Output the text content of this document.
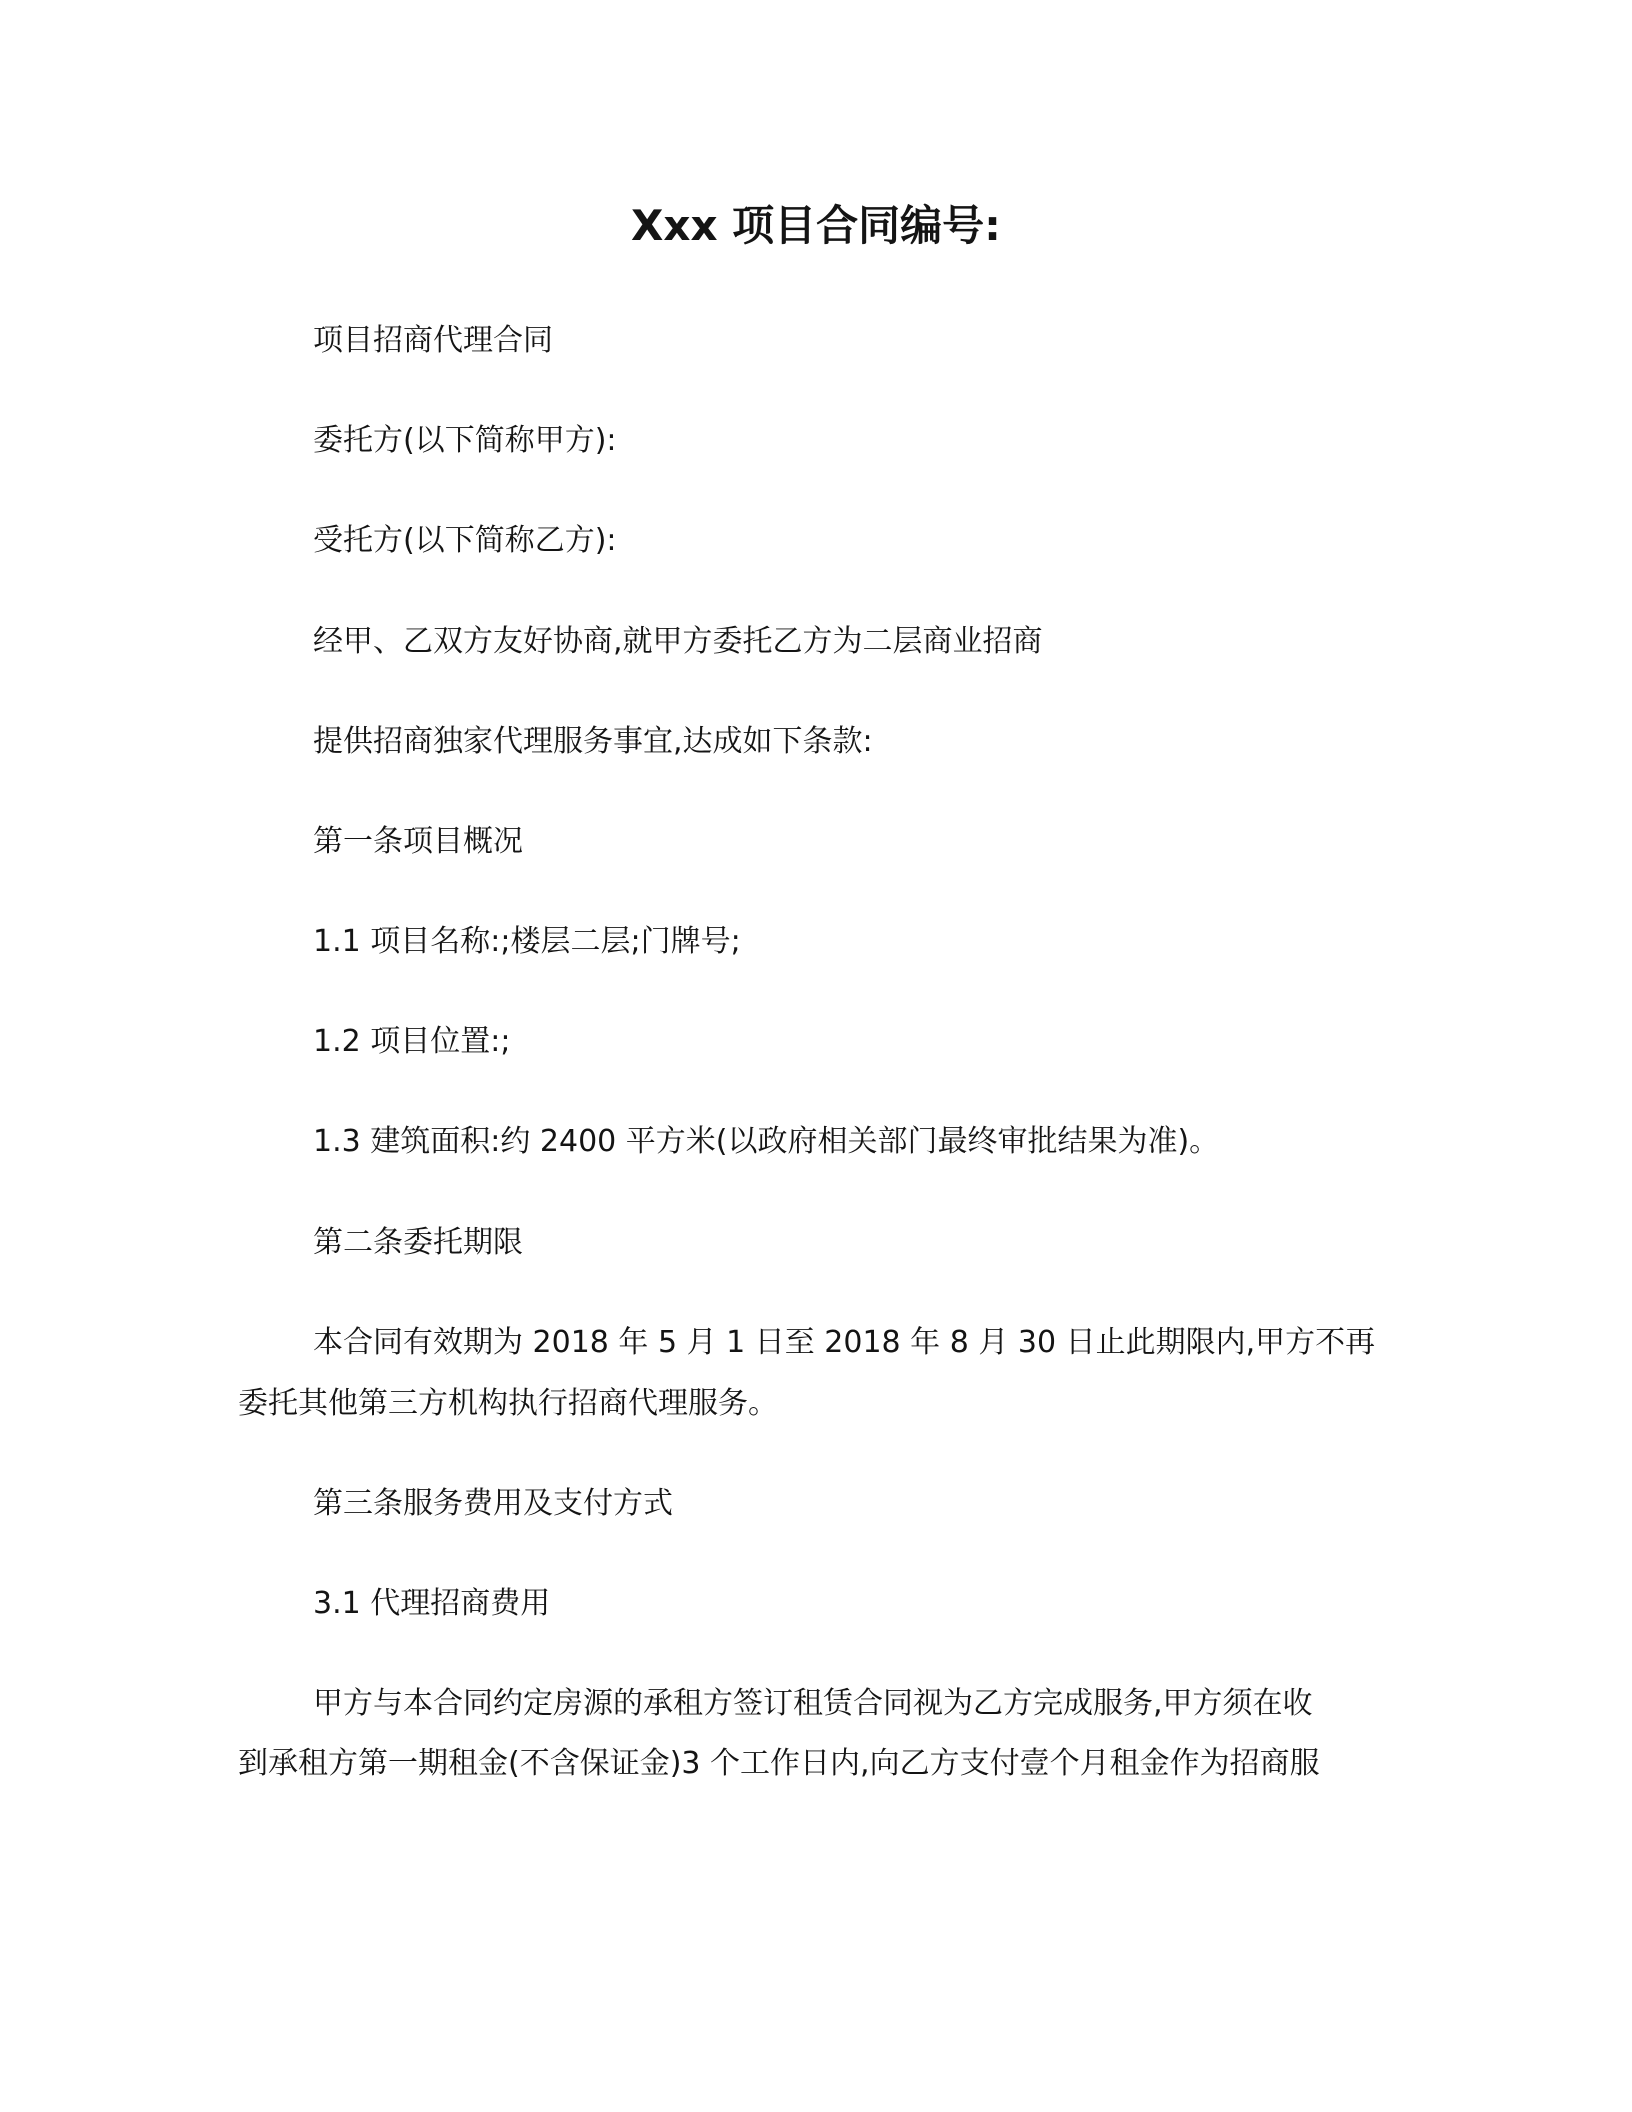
Xxx 项目合同编号:
项目招商代理合同
委托方(以下简称甲方):
受托方(以下简称乙方):
经甲、乙双方友好协商,就甲方委托乙方为二层商业招商
提供招商独家代理服务事宜,达成如下条款:
第一条项目概况
1.1 项目名称:;楼层二层;门牌号;
1.2 项目位置:;
1.3 建筑面积:约 2400 平方米(以政府相关部门最终审批结果为准)。
第二条委托期限
本合同有效期为 2018 年 5 月 1 日至 2018 年 8 月 30 日止此期限内,甲方不再
委托其他第三方机构执行招商代理服务。
第三条服务费用及支付方式
3.1 代理招商费用
甲方与本合同约定房源的承租方签订租赁合同视为乙方完成服务,甲方须在收
到承租方第一期租金(不含保证金)3 个工作日内,向乙方支付壹个月租金作为招商服
